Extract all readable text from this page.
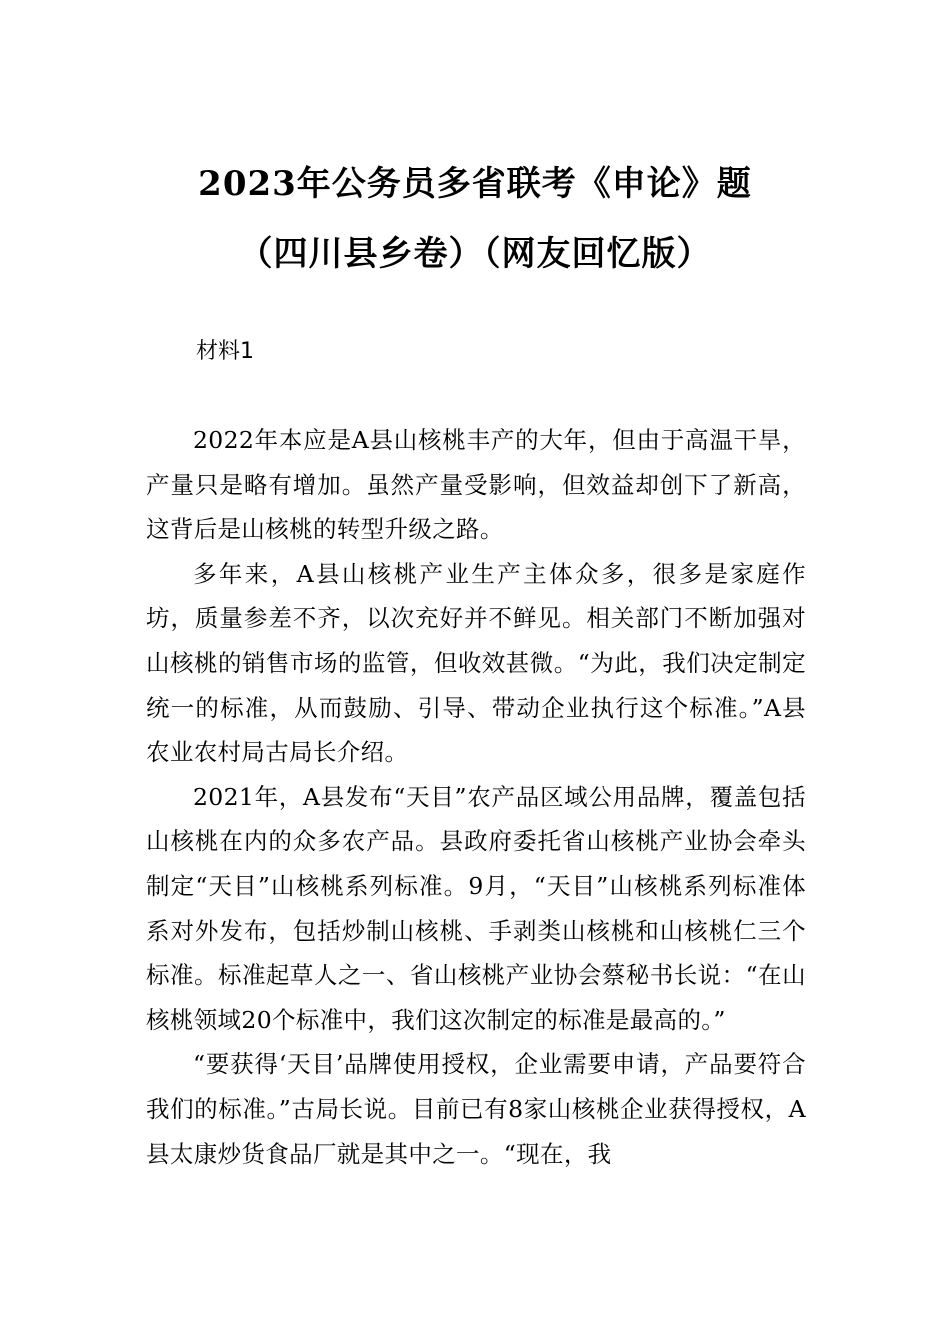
2023年公务员多省联考《申论》题
（四川县乡卷）（网友回忆版）
材料1

2022年本应是A县山核桃丰产的大年，但由于高温干旱，产量只是略有增加。虽然产量受影响，但效益却创下了新高，这背后是山核桃的转型升级之路。

多年来，A县山核桃产业生产主体众多，很多是家庭作坊，质量参差不齐，以次充好并不鲜见。相关部门不断加强对山核桃的销售市场的监管，但收效甚微。“为此，我们决定制定统一的标准，从而鼓励、引导、带动企业执行这个标准。”A县农业农村局古局长介绍。

2021年，A县发布“天目”农产品区域公用品牌，覆盖包括山核桃在内的众多农产品。县政府委托省山核桃产业协会牵头制定“天目”山核桃系列标准。9月，“天目”山核桃系列标准体系对外发布，包括炒制山核桃、手剥类山核桃和山核桃仁三个标准。标准起草人之一、省山核桃产业协会蔡秘书长说：“在山核桃领域20个标准中，我们这次制定的标准是最高的。”

“要获得‘天目’品牌使用授权，企业需要申请，产品要符合我们的标准。”古局长说。目前已有8家山核桃企业获得授权，A县太康炒货食品厂就是其中之一。“现在，我
